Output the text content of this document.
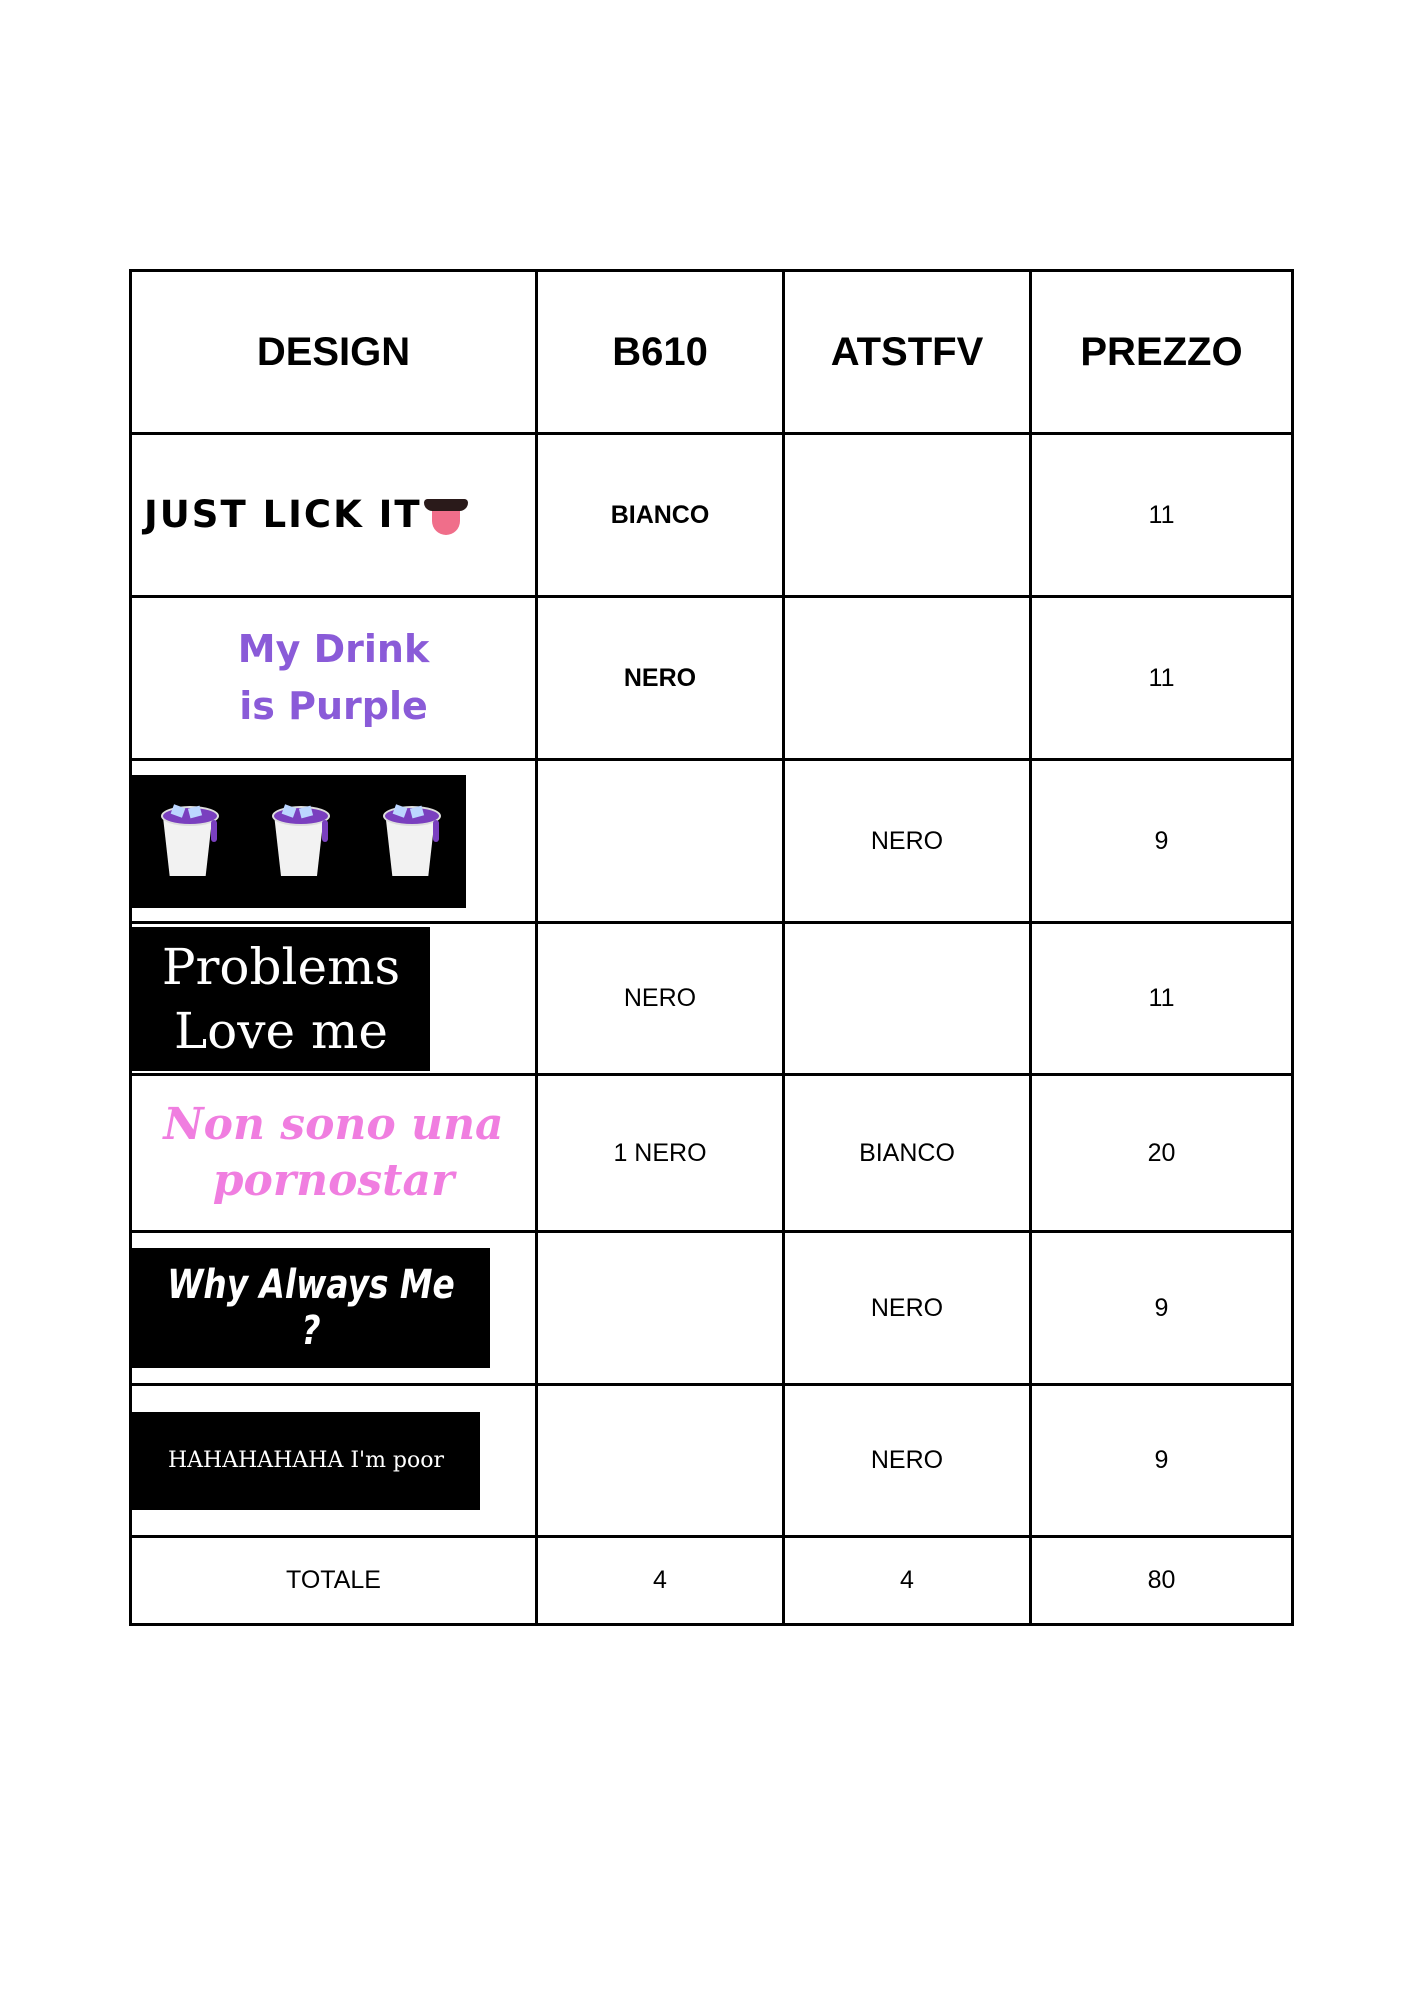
DESIGN	B610	ATSTFV	PREZZO

JUST LICK IT	BIANCO		11

My Drink
is Purple	NERO		11

		NERO	9

Problems
Love me	NERO		11

Non sono una
pornostar	1 NERO	BIANCO	20

Why Always Me ?		NERO	9

HAHAHAHAHA I'm poor		NERO	9
TOTALE	4	4	80
